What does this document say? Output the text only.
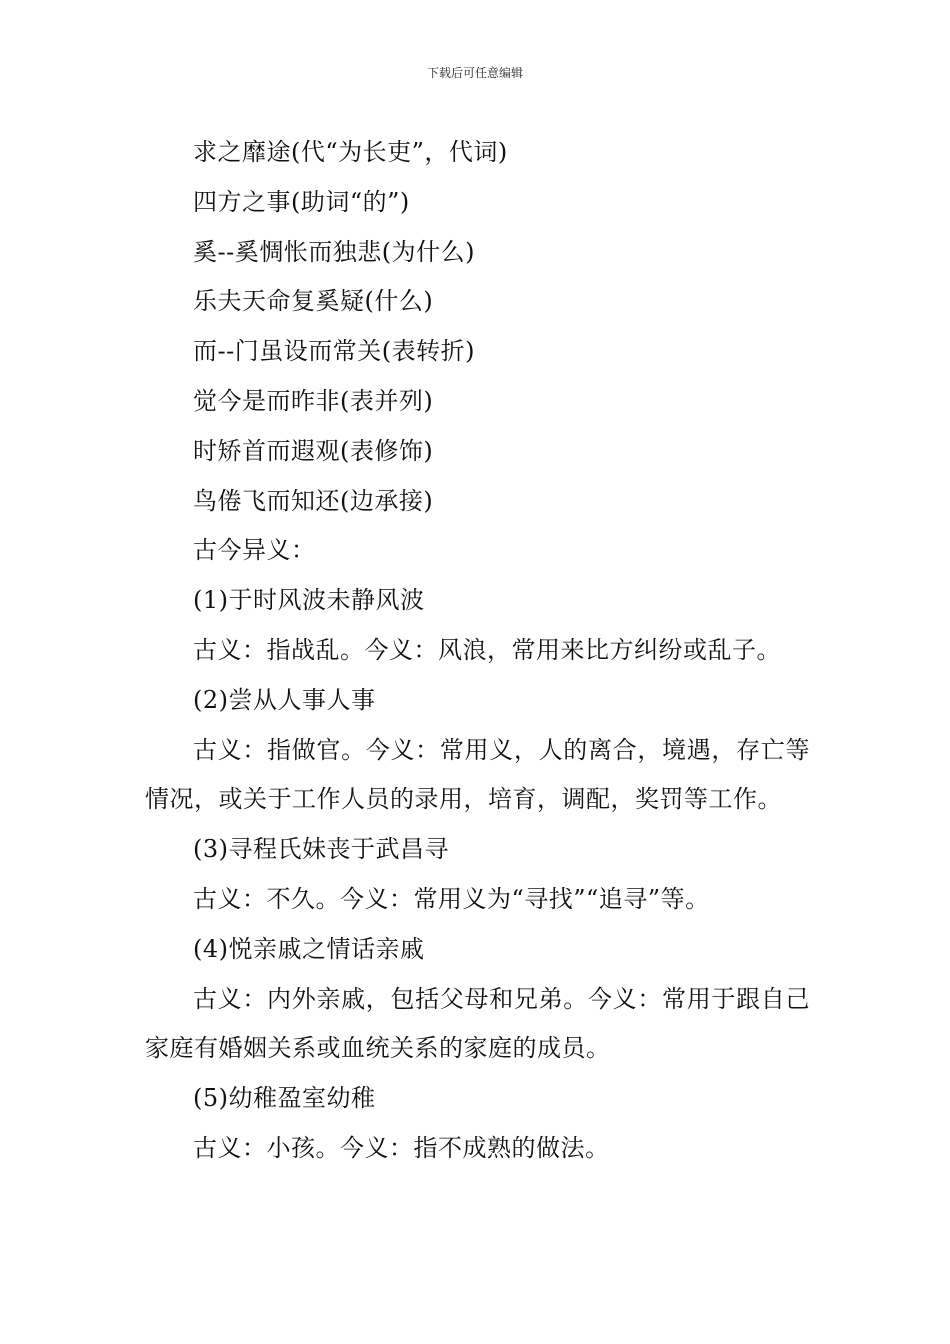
下载后可任意编辑

求之靡途(代“为长吏”，代词)

四方之事(助词“的”)

奚--奚惆怅而独悲(为什么)

乐夫天命复奚疑(什么)

而--门虽设而常关(表转折)

觉今是而昨非(表并列)

时矫首而遐观(表修饰)

鸟倦飞而知还(边承接)

古今异义：

(1)于时风波未静风波

古义：指战乱。今义：风浪，常用来比方纠纷或乱子。

(2)尝从人事人事

古义：指做官。今义：常用义，人的离合，境遇，存亡等情况，或关于工作人员的录用，培育，调配，奖罚等工作。

(3)寻程氏妹丧于武昌寻

古义：不久。今义：常用义为“寻找”“追寻”等。

(4)悦亲戚之情话亲戚

古义：内外亲戚，包括父母和兄弟。今义：常用于跟自己家庭有婚姻关系或血统关系的家庭的成员。

(5)幼稚盈室幼稚

古义：小孩。今义：指不成熟的做法。
